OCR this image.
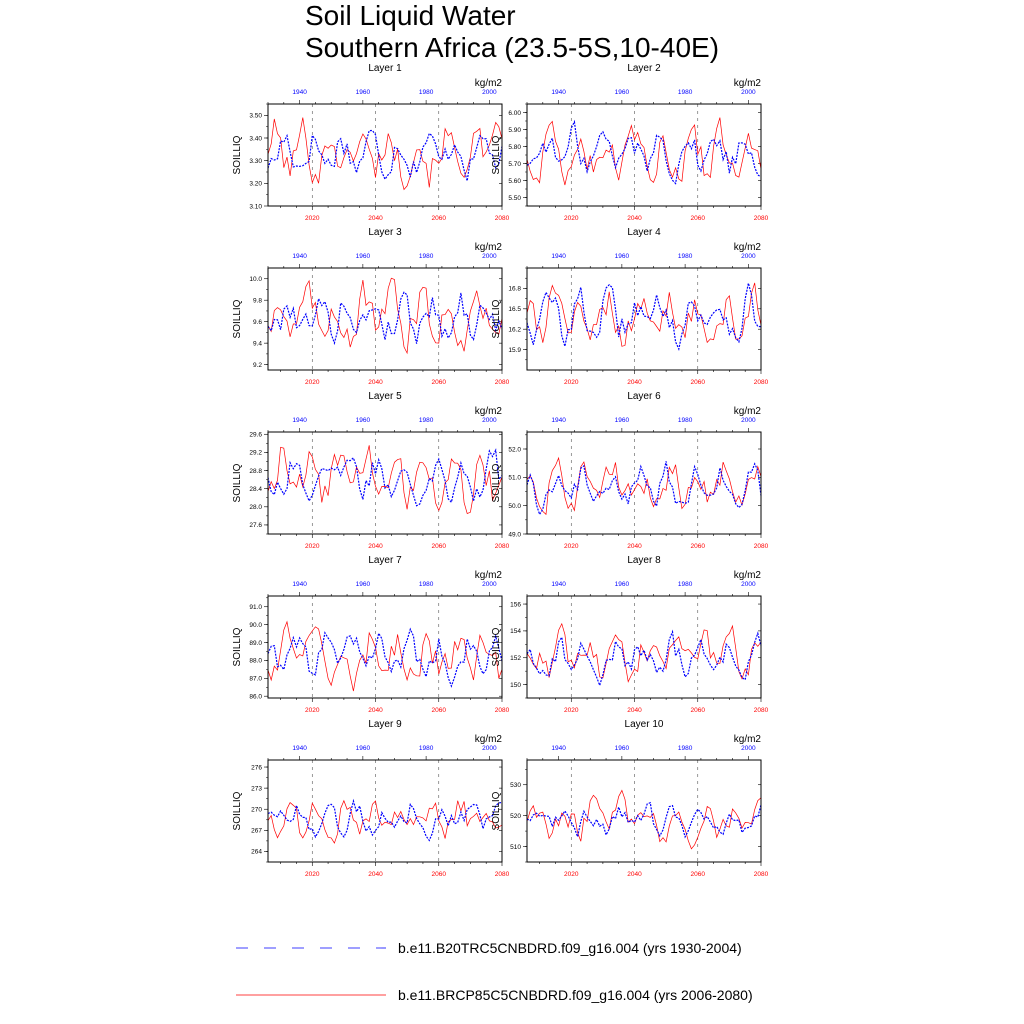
Soil Liquid Water
Southern Africa (23.5-5S,10-40E)
Layer 1
kg/m2
SOILLIQ
1940	1960	1980	2000
2020	2040	2060	2080
3.10
3.20
3.30
3.40
3.50
Layer 2
kg/m2
SOILLIQ
1940	1960	1980	2000
2020	2040	2060	2080
5.50
5.60
5.70
5.80
5.90
6.00
Layer 3
kg/m2
SOILLIQ
1940	1960	1980	2000
2020	2040	2060	2080
9.2
9.4
9.6
9.8
10.0
Layer 4
kg/m2
SOILLIQ
1940	1960	1980	2000
2020	2040	2060	2080
15.9
16.2
16.5
16.8
Layer 5
kg/m2
SOILLIQ
1940	1960	1980	2000
2020	2040	2060	2080
27.6
28.0
28.4
28.8
29.2
29.6
Layer 6
kg/m2
SOILLIQ
1940	1960	1980	2000
2020	2040	2060	2080
49.0
50.0
51.0
52.0
Layer 7
kg/m2
SOILLIQ
1940	1960	1980	2000
2020	2040	2060	2080
86.0
87.0
88.0
89.0
90.0
91.0
Layer 8
kg/m2
SOILLIQ
1940	1960	1980	2000
2020	2040	2060	2080
150
152
154
156
Layer 9
kg/m2
SOILLIQ
1940	1960	1980	2000
2020	2040	2060	2080
264
267
270
273
276
Layer 10
kg/m2
SOILLIQ
1940	1960	1980	2000
2020	2040	2060	2080
510
520
530
b.e11.B20TRC5CNBDRD.f09_g16.004 (yrs 1930-2004)
b.e11.BRCP85C5CNBDRD.f09_g16.004 (yrs 2006-2080)
